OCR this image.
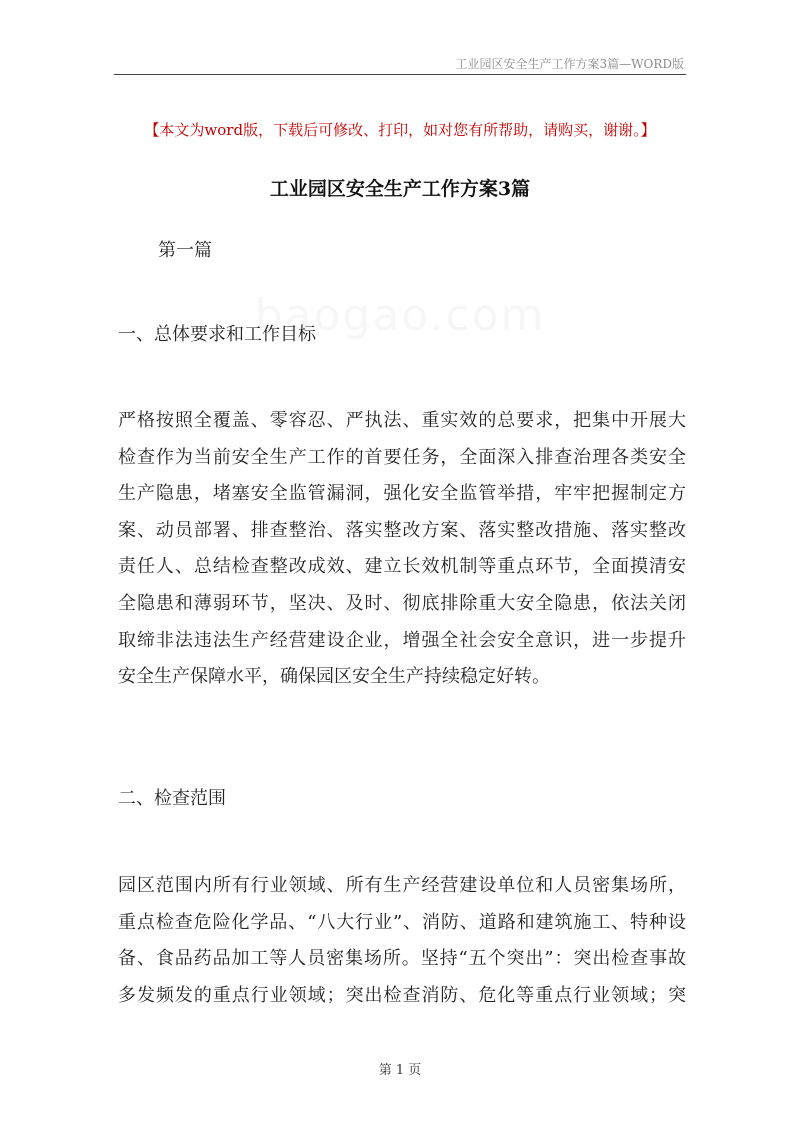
工业园区安全生产工作方案3篇—WORD版
【本文为word版，下载后可修改、打印，如对您有所帮助，请购买，谢谢。】
工业园区安全生产工作方案3篇
第一篇
一、总体要求和工作目标
严格按照全覆盖、零容忍、严执法、重实效的总要求，把集中开展大
检查作为当前安全生产工作的首要任务，全面深入排查治理各类安全
生产隐患，堵塞安全监管漏洞，强化安全监管举措，牢牢把握制定方
案、动员部署、排查整治、落实整改方案、落实整改措施、落实整改
责任人、总结检查整改成效、建立长效机制等重点环节，全面摸清安
全隐患和薄弱环节，坚决、及时、彻底排除重大安全隐患，依法关闭
取缔非法违法生产经营建设企业，增强全社会安全意识，进一步提升
安全生产保障水平，确保园区安全生产持续稳定好转。
二、检查范围
园区范围内所有行业领域、所有生产经营建设单位和人员密集场所，
重点检查危险化学品、“八大行业”、消防、道路和建筑施工、特种设
备、食品药品加工等人员密集场所。坚持“五个突出”：突出检查事故
多发频发的重点行业领域；突出检查消防、危化等重点行业领域；突
第 1 页
